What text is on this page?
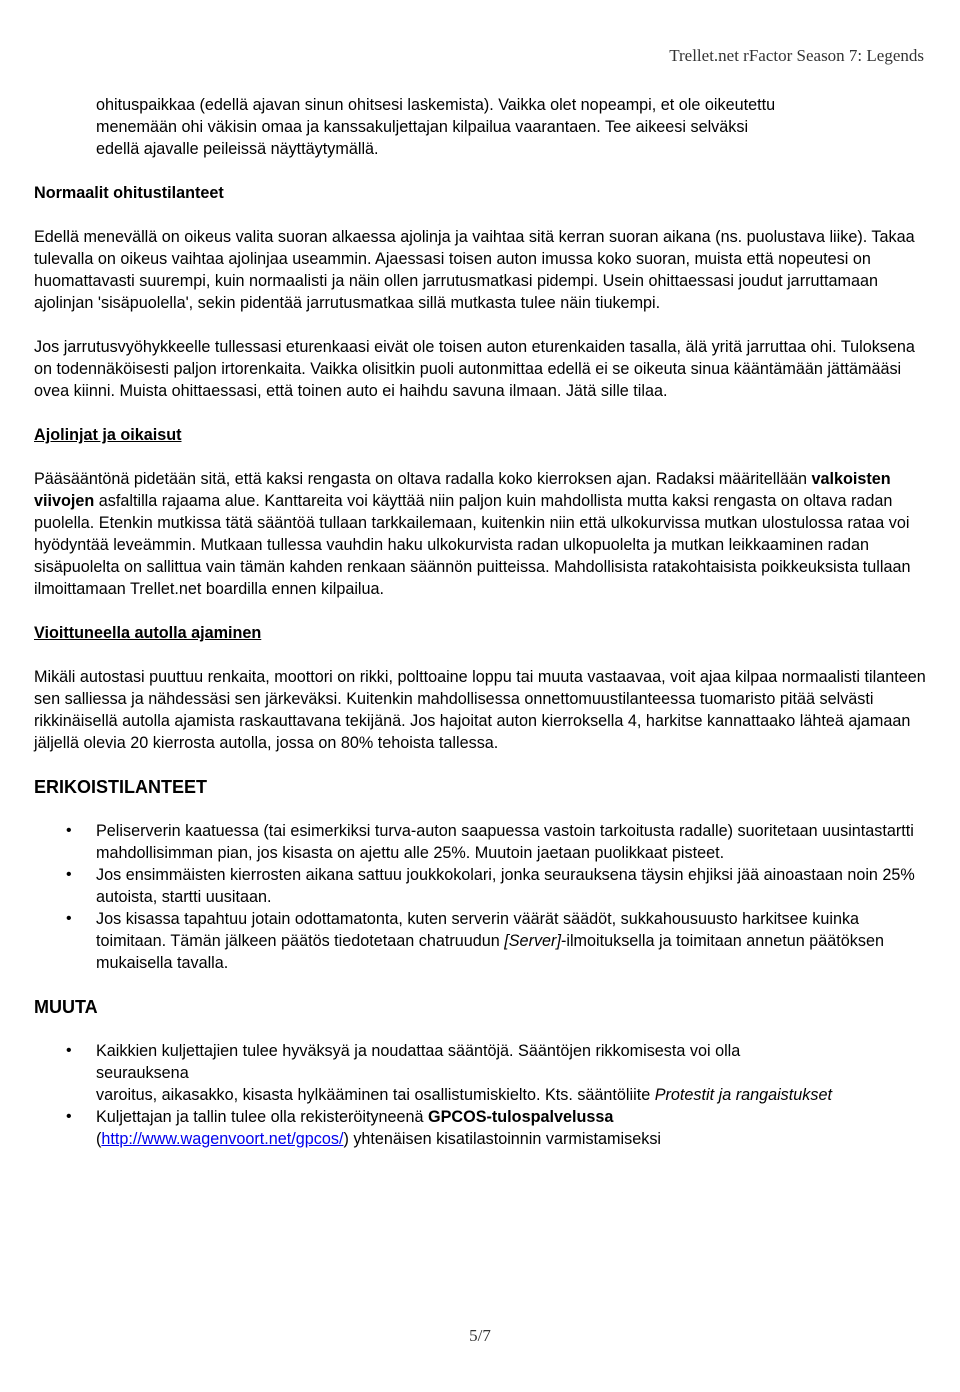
Trellet.net rFactor Season 7: Legends

ohituspaikkaa (edellä ajavan sinun ohitsesi laskemista). Vaikka olet nopeampi, et ole oikeutettu

menemään ohi väkisin omaa ja kanssakuljettajan kilpailua vaarantaen. Tee aikeesi selväksi

edellä ajavalle peileissä näyttäytymällä.

Normaalit ohitustilanteet

Edellä menevällä on oikeus valita suoran alkaessa ajolinja ja vaihtaa sitä kerran suoran aikana (ns. puolustava liike). Takaa tulevalla on oikeus vaihtaa ajolinjaa useammin. Ajaessasi toisen auton imussa koko suoran, muista että nopeutesi on huomattavasti suurempi, kuin normaalisti ja näin ollen jarrutusmatkasi pidempi. Usein ohittaessasi joudut jarruttamaan ajolinjan 'sisäpuolella', sekin pidentää jarrutusmatkaa sillä mutkasta tulee näin tiukempi.

Jos jarrutusvyöhykkeelle tullessasi eturenkaasi eivät ole toisen auton eturenkaiden tasalla, älä yritä jarruttaa ohi. Tuloksena on todennäköisesti paljon irtorenkaita. Vaikka olisitkin puoli autonmittaa edellä ei se oikeuta sinua kääntämään jättämääsi ovea kiinni. Muista ohittaessasi, että toinen auto ei haihdu savuna ilmaan. Jätä sille tilaa.

Ajolinjat ja oikaisut

Pääsääntönä pidetään sitä, että kaksi rengasta on oltava radalla koko kierroksen ajan. Radaksi määritellään valkoisten viivojen asfaltilla rajaama alue. Kanttareita voi käyttää niin paljon kuin mahdollista mutta kaksi rengasta on oltava radan puolella. Etenkin mutkissa tätä sääntöä tullaan tarkkailemaan, kuitenkin niin että ulkokurvissa mutkan ulostulossa rataa voi hyödyntää leveämmin. Mutkaan tullessa vauhdin haku ulkokurvista radan ulkopuolelta ja mutkan leikkaaminen radan sisäpuolelta on sallittua vain tämän kahden renkaan säännön puitteissa. Mahdollisista ratakohtaisista poikkeuksista tullaan ilmoittamaan Trellet.net boardilla ennen kilpailua.

Vioittuneella autolla ajaminen

Mikäli autostasi puuttuu renkaita, moottori on rikki, polttoaine loppu tai muuta vastaavaa, voit ajaa kilpaa normaalisti tilanteen sen salliessa ja nähdessäsi sen järkeväksi. Kuitenkin mahdollisessa onnettomuustilanteessa tuomaristo pitää selvästi rikkinäisellä autolla ajamista raskauttavana tekijänä. Jos hajoitat auton kierroksella 4, harkitse kannattaako lähteä ajamaan jäljellä olevia 20 kierrosta autolla, jossa on 80% tehoista tallessa.

ERIKOISTILANTEET

• Peliserverin kaatuessa (tai esimerkiksi turva-auton saapuessa vastoin tarkoitusta radalle) suoritetaan uusintastartti mahdollisimman pian, jos kisasta on ajettu alle 25%. Muutoin jaetaan puolikkaat pisteet.
• Jos ensimmäisten kierrosten aikana sattuu joukkokolari, jonka seurauksena täysin ehjiksi jää ainoastaan noin 25% autoista, startti uusitaan.
• Jos kisassa tapahtuu jotain odottamatonta, kuten serverin väärät säädöt, sukkahousuusto harkitsee kuinka toimitaan. Tämän jälkeen päätös tiedotetaan chatruudun [Server]-ilmoituksella ja toimitaan annetun päätöksen mukaisella tavalla.

MUUTA

• Kaikkien kuljettajien tulee hyväksyä ja noudattaa sääntöjä. Sääntöjen rikkomisesta voi olla
seurauksena
varoitus, aikasakko, kisasta hylkääminen tai osallistumiskielto. Kts. sääntöliite Protestit ja rangaistukset
• Kuljettajan ja tallin tulee olla rekisteröityneenä GPCOS-tulospalvelussa
(http://www.wagenvoort.net/gpcos/) yhtenäisen kisatilastoinnin varmistamiseksi
5/7
